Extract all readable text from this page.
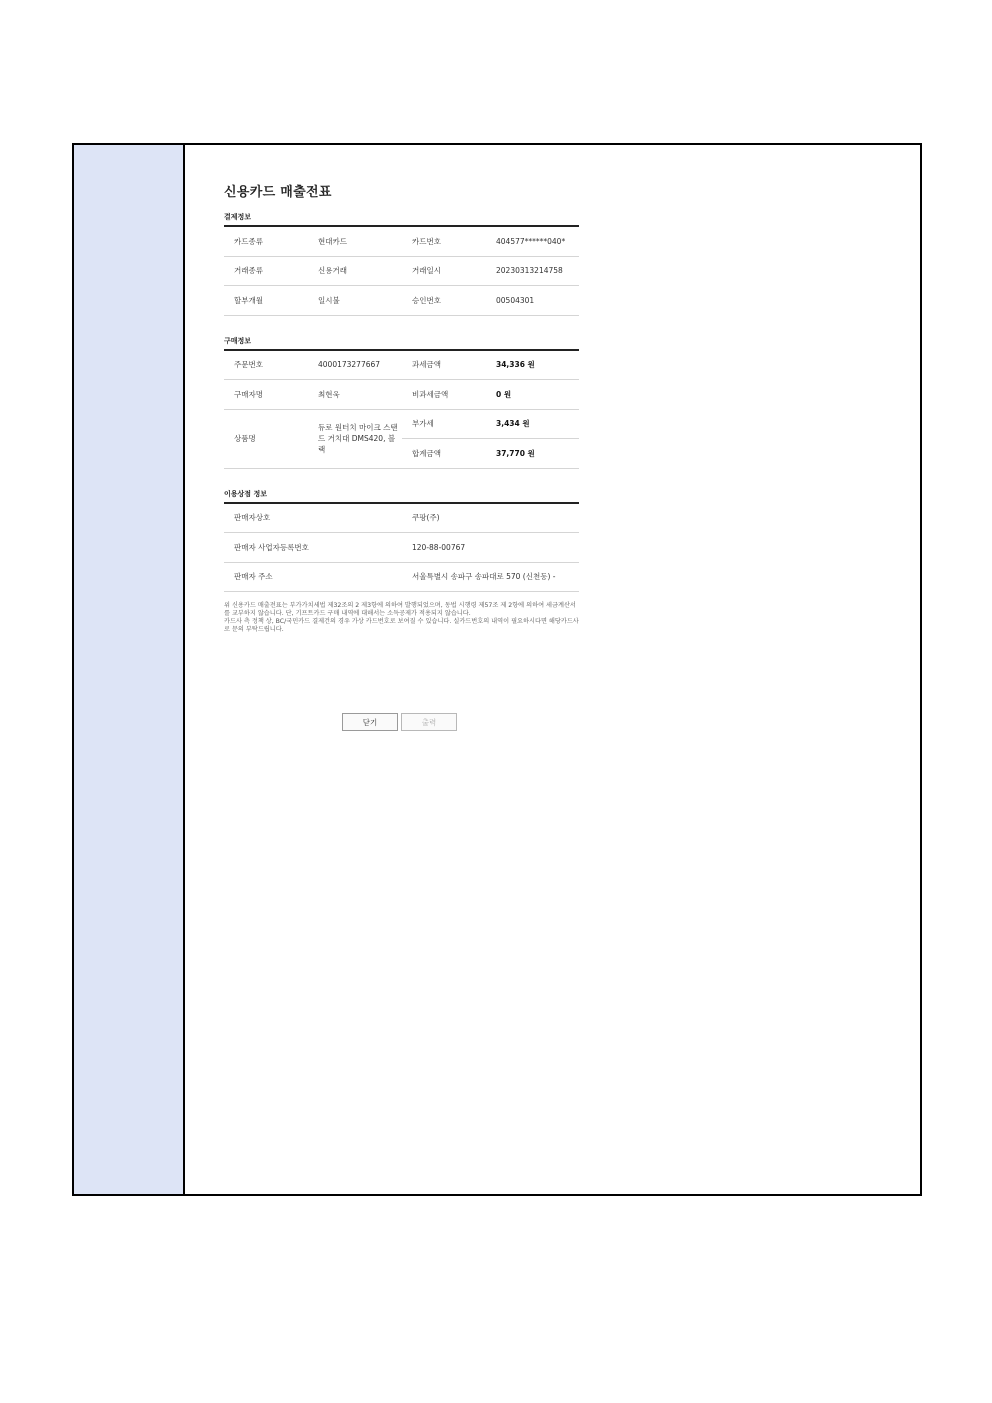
신용카드 매출전표
결제정보
카드종류	현대카드	카드번호	404577******040*
거래종류	신용거래	거래일시	20230313214758
할부개월	일시불	승인번호	00504301
구매정보
주문번호	4000173277667	과세금액	34,336 원
구매자명	최현욱	비과세금액	0 원
상품명	듀로 원터치 마이크 스탠드 거치대 DMS420, 블랙	부가세	3,434 원
		합계금액	37,770 원
이용상점 정보
판매자상호	쿠팡(주)
판매자 사업자등록번호	120-88-00767
판매자 주소	서울특별시 송파구 송파대로 570 (신천동) -
위 신용카드 매출전표는 부가가치세법 제32조의 2 제3항에 의하여 발행되었으며, 동법 시행령 제57조 제 2항에 의하여 세금계산서를 교부하지 않습니다. 단, 기프트카드 구매 내역에 대해서는 소득공제가 적용되지 않습니다.
카드사 측 정책 상, BC/국민카드 결제건의 경우 가상 카드번호로 보여질 수 있습니다. 실카드번호의 내역이 필요하시다면 해당카드사로 문의 부탁드립니다.
닫기	출력
